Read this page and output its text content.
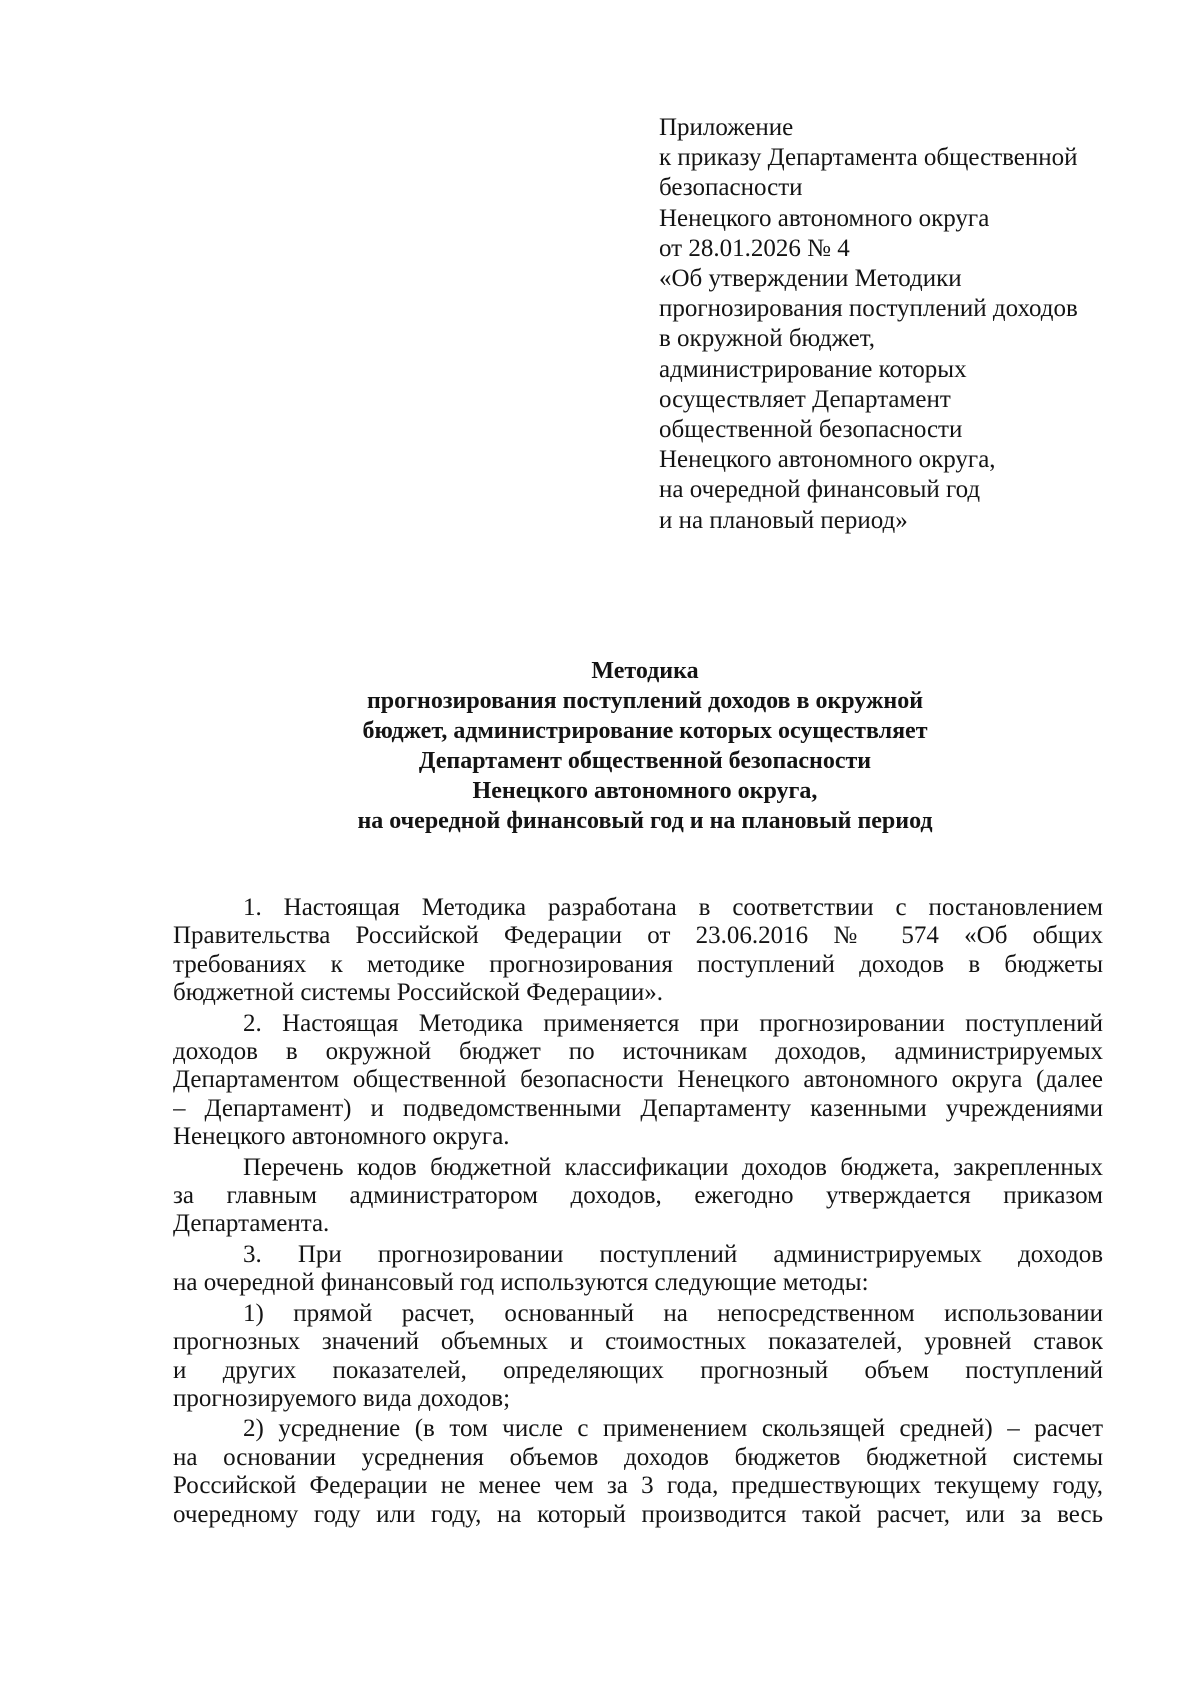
Приложение
к приказу Департамента общественной
безопасности
Ненецкого автономного округа
от 28.01.2026 № 4
«Об утверждении Методики
прогнозирования поступлений доходов
в окружной бюджет,
администрирование которых
осуществляет Департамент
общественной безопасности
Ненецкого автономного округа,
на очередной финансовый год
и на плановый период»
Методика
прогнозирования поступлений доходов в окружной
бюджет, администрирование которых осуществляет
Департамент общественной безопасности
Ненецкого автономного округа,
на очередной финансовый год и на плановый период
1. Настоящая Методика разработана в соответствии с постановлением
Правительства Российской Федерации от 23.06.2016 № 574 «Об общих
требованиях к методике прогнозирования поступлений доходов в бюджеты
бюджетной системы Российской Федерации».
2. Настоящая Методика применяется при прогнозировании поступлений
доходов в окружной бюджет по источникам доходов, администрируемых
Департаментом общественной безопасности Ненецкого автономного округа (далее
– Департамент) и подведомственными Департаменту казенными учреждениями
Ненецкого автономного округа.
Перечень кодов бюджетной классификации доходов бюджета, закрепленных
за главным администратором доходов, ежегодно утверждается приказом
Департамента.
3. При прогнозировании поступлений администрируемых доходов
на очередной финансовый год используются следующие методы:
1) прямой расчет, основанный на непосредственном использовании
прогнозных значений объемных и стоимостных показателей, уровней ставок
и других показателей, определяющих прогнозный объем поступлений
прогнозируемого вида доходов;
2) усреднение (в том числе с применением скользящей средней) – расчет
на основании усреднения объемов доходов бюджетов бюджетной системы
Российской Федерации не менее чем за 3 года, предшествующих текущему году,
очередному году или году, на который производится такой расчет, или за весь
